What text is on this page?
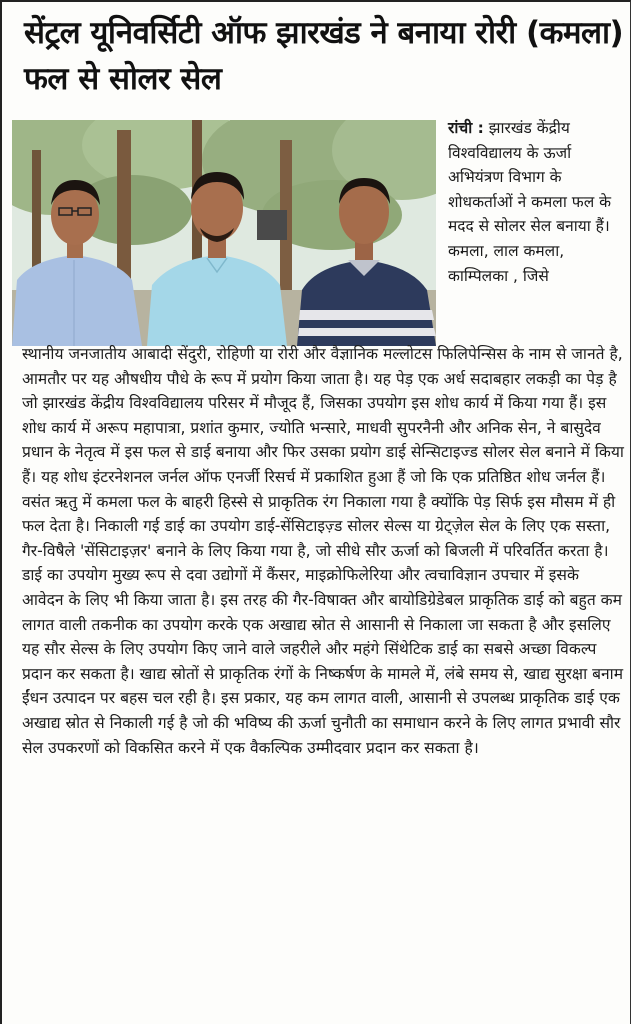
सेंट्रल यूनिवर्सिटी ऑफ झारखंड ने बनाया रोरी (कमला) फल से सोलर सेल
रांची : झारखंड केंद्रीय विश्वविद्यालय के ऊर्जा अभियंत्रण विभाग के शोधकर्ताओं ने कमला फल के मदद से सोलर सेल बनाया हैं। कमला, लाल कमला, काम्पिलका , जिसे
स्थानीय जनजातीय आबादी सेंदुरी, रोहिणी या रोरी और वैज्ञानिक मल्लोटस फिलिपेन्सिस के नाम से जानते है, आमतौर पर यह औषधीय पौधे के रूप में प्रयोग किया जाता है। यह पेड़ एक अर्ध सदाबहार लकड़ी का पेड़ है जो झारखंड केंद्रीय विश्वविद्यालय परिसर में मौजूद हैं, जिसका उपयोग इस शोध कार्य में किया गया हैं। इस शोध कार्य में अरूप महापात्रा, प्रशांत कुमार, ज्योति भन्सारे, माधवी सुपरनैनी और अनिक सेन, ने बासुदेव प्रधान के नेतृत्व में इस फल से डाई बनाया और फिर उसका प्रयोग डाई सेन्सिटाइज्ड सोलर सेल बनाने में किया हैं। यह शोध इंटरनेशनल जर्नल ऑफ एनर्जी रिसर्च में प्रकाशित हुआ हैं जो कि एक प्रतिष्ठित शोध जर्नल हैं। वसंत ऋतु में कमला फल के बाहरी हिस्से से प्राकृतिक रंग निकाला गया है क्योंकि पेड़ सिर्फ इस मौसम में ही फल देता है। निकाली गई डाई का उपयोग डाई-सेंसिटाइज़्ड सोलर सेल्स या ग्रेट्ज़ेल सेल के लिए एक सस्ता, गैर-विषैले 'सेंसिटाइज़र' बनाने के लिए किया गया है, जो सीधे सौर ऊर्जा को बिजली में परिवर्तित करता है। डाई का उपयोग मुख्य रूप से दवा उद्योगों में कैंसर, माइक्रोफिलेरिया और त्वचाविज्ञान उपचार में इसके आवेदन के लिए भी किया जाता है। इस तरह की गैर-विषाक्त और बायोडिग्रेडेबल प्राकृतिक डाई को बहुत कम लागत वाली तकनीक का उपयोग करके एक अखाद्य स्रोत से आसानी से निकाला जा सकता है और इसलिए यह सौर सेल्स के लिए उपयोग किए जाने वाले जहरीले और महंगे सिंथेटिक डाई का सबसे अच्छा विकल्प प्रदान कर सकता है। खाद्य स्रोतों से प्राकृतिक रंगों के निष्कर्षण के मामले में, लंबे समय से, खाद्य सुरक्षा बनाम ईंधन उत्पादन पर बहस चल रही है। इस प्रकार, यह कम लागत वाली, आसानी से उपलब्ध प्राकृतिक डाई एक अखाद्य स्रोत से निकाली गई है जो की भविष्य की ऊर्जा चुनौती का समाधान करने के लिए लागत प्रभावी सौर सेल उपकरणों को विकसित करने में एक वैकल्पिक उम्मीदवार प्रदान कर सकता है।
